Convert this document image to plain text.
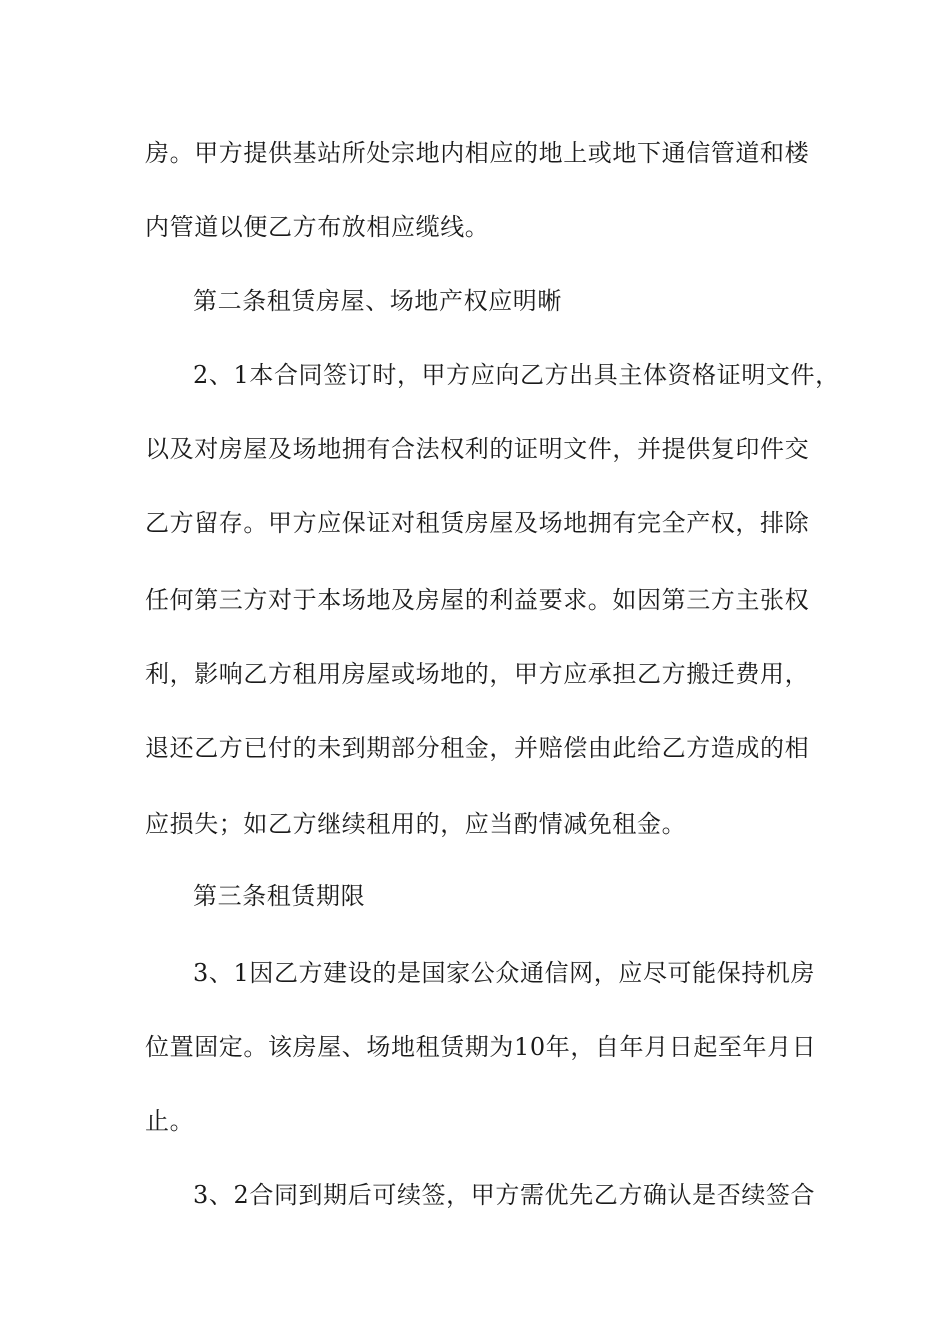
房。甲方提供基站所处宗地内相应的地上或地下通信管道和楼
内管道以便乙方布放相应缆线。
第二条租赁房屋、场地产权应明晰
2、1本合同签订时，甲方应向乙方出具主体资格证明文件，
以及对房屋及场地拥有合法权利的证明文件，并提供复印件交
乙方留存。甲方应保证对租赁房屋及场地拥有完全产权，排除
任何第三方对于本场地及房屋的利益要求。如因第三方主张权
利，影响乙方租用房屋或场地的，甲方应承担乙方搬迁费用，
退还乙方已付的未到期部分租金，并赔偿由此给乙方造成的相
应损失；如乙方继续租用的，应当酌情减免租金。
第三条租赁期限
3、1因乙方建设的是国家公众通信网，应尽可能保持机房
位置固定。该房屋、场地租赁期为10年，自年月日起至年月日
止。
3、2合同到期后可续签，甲方需优先乙方确认是否续签合
